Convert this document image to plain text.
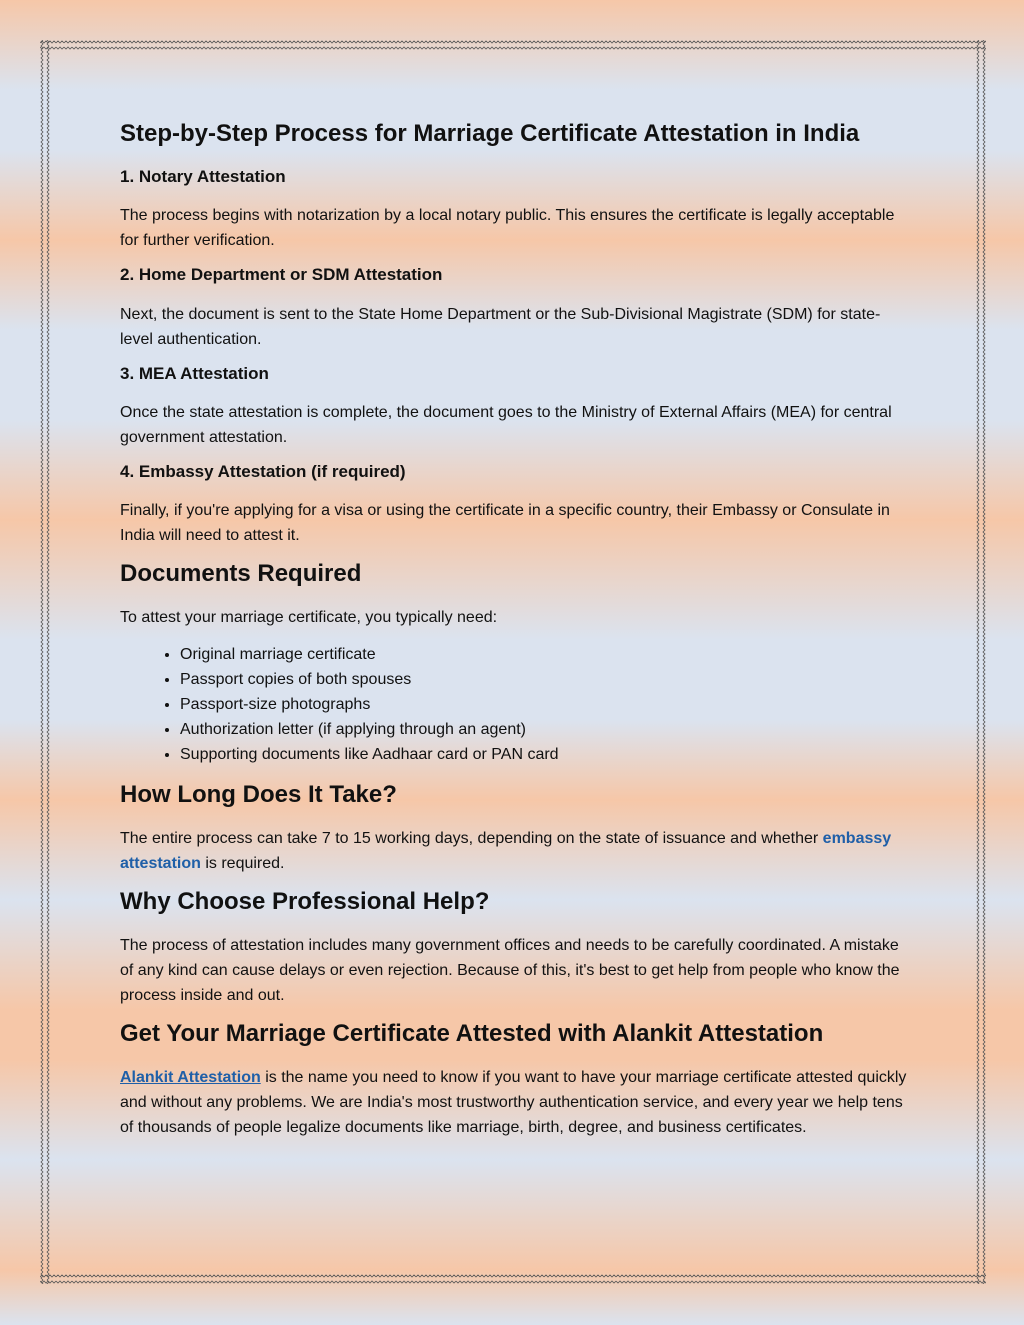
Step-by-Step Process for Marriage Certificate Attestation in India
1. Notary Attestation

The process begins with notarization by a local notary public. This ensures the certificate is legally acceptable for further verification.

2. Home Department or SDM Attestation

Next, the document is sent to the State Home Department or the Sub-Divisional Magistrate (SDM) for state-level authentication.

3. MEA Attestation

Once the state attestation is complete, the document goes to the Ministry of External Affairs (MEA) for central government attestation.

4. Embassy Attestation (if required)

Finally, if you're applying for a visa or using the certificate in a specific country, their Embassy or Consulate in India will need to attest it.

Documents Required

To attest your marriage certificate, you typically need:

• Original marriage certificate
• Passport copies of both spouses
• Passport-size photographs
• Authorization letter (if applying through an agent)
• Supporting documents like Aadhaar card or PAN card
How Long Does It Take?

The entire process can take 7 to 15 working days, depending on the state of issuance and whether embassy attestation is required.

Why Choose Professional Help?

The process of attestation includes many government offices and needs to be carefully coordinated. A mistake of any kind can cause delays or even rejection. Because of this, it's best to get help from people who know the process inside and out.

Get Your Marriage Certificate Attested with Alankit Attestation

Alankit Attestation is the name you need to know if you want to have your marriage certificate attested quickly and without any problems. We are India's most trustworthy authentication service, and every year we help tens of thousands of people legalize documents like marriage, birth, degree, and business certificates.
